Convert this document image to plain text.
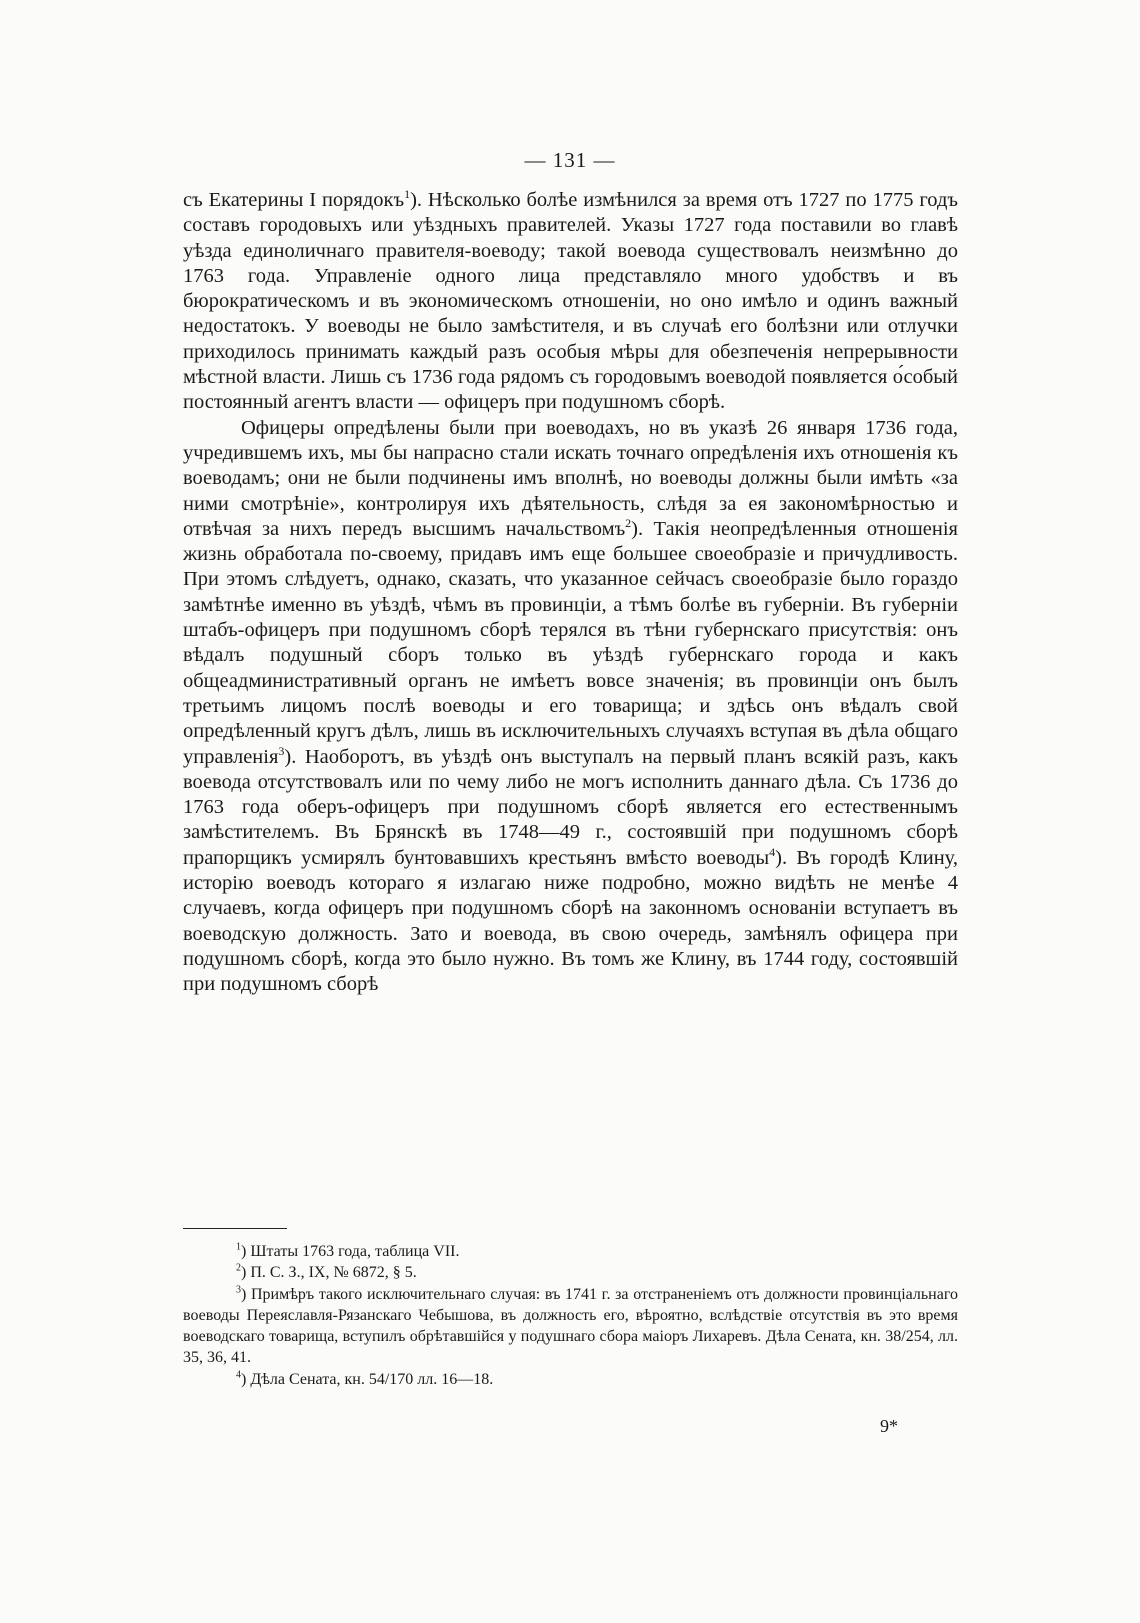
— 131 —

съ Екатерины I порядокъ$^1$). Нѣсколько болѣе измѣнился за время отъ 1727 по 1775 годъ составъ городовыхъ или уѣздныхъ правителей. Указы 1727 года поставили во главѣ уѣзда единоличнаго правителя-воеводу; такой воевода существовалъ неизмѣнно до 1763 года. Управленіе одного лица представляло много удобствъ и въ бюрократическомъ и въ экономическомъ отношеніи, но оно имѣло и одинъ важный недостатокъ. У воеводы не было замѣстителя, и въ случаѣ его болѣзни или отлучки приходилось принимать каждый разъ особыя мѣры для обезпеченія непрерывности мѣстной власти. Лишь съ 1736 года рядомъ съ городовымъ воеводой появляется о́собый постоянный агентъ власти — офицеръ при подушномъ сборѣ.

Офицеры опредѣлены были при воеводахъ, но въ указѣ 26 января 1736 года, учредившемъ ихъ, мы бы напрасно стали искать точнаго опредѣленія ихъ отношенія къ воеводамъ; они не были подчинены имъ вполнѣ, но воеводы должны были имѣть «за ними смотрѣніе», контролируя ихъ дѣятельность, слѣдя за ея закономѣрностью и отвѣчая за нихъ передъ высшимъ начальствомъ$^2$). Такія неопредѣленныя отношенія жизнь обработала по-своему, придавъ имъ еще большее своеобразіе и причудливость. При этомъ слѣдуетъ, однако, сказать, что указанное сейчасъ своеобразіе было гораздо замѣтнѣе именно въ уѣздѣ, чѣмъ въ провинціи, а тѣмъ болѣе въ губерніи. Въ губерніи штабъ-офицеръ при подушномъ сборѣ терялся въ тѣни губернскаго присутствія: онъ вѣдалъ подушный сборъ только въ уѣздѣ губернскаго города и какъ общеадминистративный органъ не имѣетъ вовсе значенія; въ провинціи онъ былъ третьимъ лицомъ послѣ воеводы и его товарища; и здѣсь онъ вѣдалъ свой опредѣленный кругъ дѣлъ, лишь въ исключительныхъ случаяхъ вступая въ дѣла общаго управленія$^3$). Наоборотъ, въ уѣздѣ онъ выступалъ на первый планъ всякій разъ, какъ воевода отсутствовалъ или по чему либо не могъ исполнить даннаго дѣла. Съ 1736 до 1763 года оберъ-офицеръ при подушномъ сборѣ является его естественнымъ замѣстителемъ. Въ Брянскѣ въ 1748—49 г., состоявшій при подушномъ сборѣ прапорщикъ усмирялъ бунтовавшихъ крестьянъ вмѣсто воеводы$^4$). Въ городѣ Клину, исторію воеводъ котораго я излагаю ниже подробно, можно видѣть не менѣе 4 случаевъ, когда офицеръ при подушномъ сборѣ на законномъ основаніи вступаетъ въ воеводскую должность. Зато и воевода, въ свою очередь, замѣнялъ офицера при подушномъ сборѣ, когда это было нужно. Въ томъ же Клину, въ 1744 году, состоявшій при подушномъ сборѣ

$^1$) Штаты 1763 года, таблица VII.

$^2$) П. С. З., IX, № 6872, § 5.

$^3$) Примѣръ такого исключительнаго случая: въ 1741 г. за отстраненіемъ отъ должности провинціальнаго воеводы Переяславля-Рязанскаго Чебышова, въ должность его, вѣроятно, вслѣдствіе отсутствія въ это время воеводскаго товарища, вступилъ обрѣтавшійся у подушнаго сбора маіоръ Лихаревъ. Дѣла Сената, кн. 38/254, лл. 35, 36, 41.

$^4$) Дѣла Сената, кн. 54/170 лл. 16—18.

9*
